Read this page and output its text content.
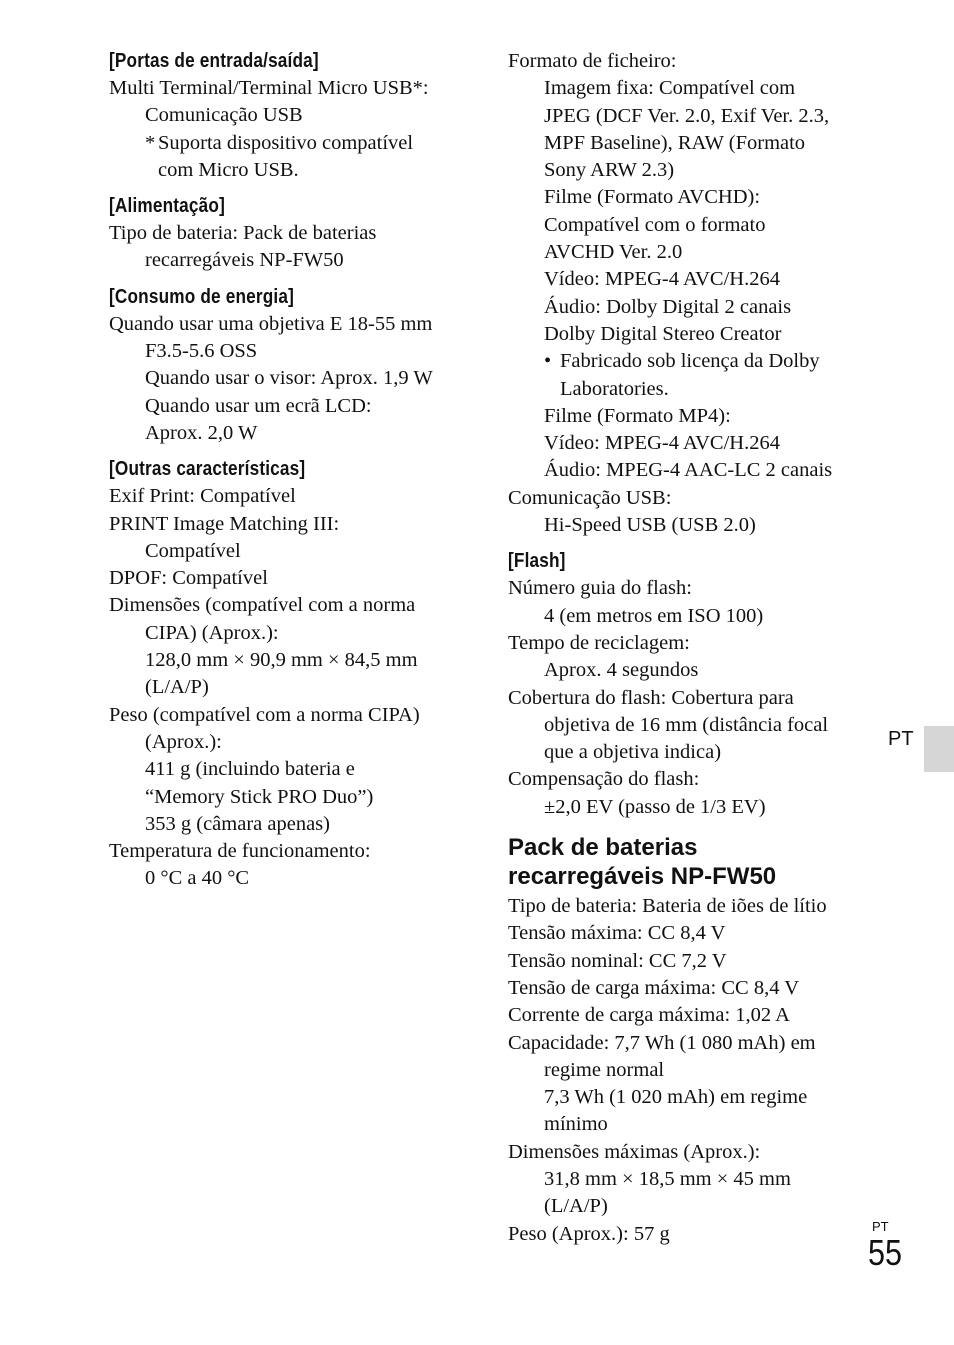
[Portas de entrada/saída]
Multi Terminal/Terminal Micro USB*:
Comunicação USB
* Suporta dispositivo compatível
com Micro USB.
[Alimentação]
Tipo de bateria: Pack de baterias
recarregáveis NP-FW50
[Consumo de energia]
Quando usar uma objetiva E 18-55 mm
F3.5-5.6 OSS
Quando usar o visor: Aprox. 1,9 W
Quando usar um ecrã LCD:
Aprox. 2,0 W
[Outras características]
Exif Print: Compatível
PRINT Image Matching III:
Compatível
DPOF: Compatível
Dimensões (compatível com a norma
CIPA) (Aprox.):
128,0 mm × 90,9 mm × 84,5 mm
(L/A/P)
Peso (compatível com a norma CIPA)
(Aprox.):
411 g (incluindo bateria e
“Memory Stick PRO Duo”)
353 g (câmara apenas)
Temperatura de funcionamento:
0 °C a 40 °C
Formato de ficheiro:
Imagem fixa: Compatível com
JPEG (DCF Ver. 2.0, Exif Ver. 2.3,
MPF Baseline), RAW (Formato
Sony ARW 2.3)
Filme (Formato AVCHD):
Compatível com o formato
AVCHD Ver. 2.0
Vídeo: MPEG-4 AVC/H.264
Áudio: Dolby Digital 2 canais
Dolby Digital Stereo Creator
• Fabricado sob licença da Dolby
Laboratories.
Filme (Formato MP4):
Vídeo: MPEG-4 AVC/H.264
Áudio: MPEG-4 AAC-LC 2 canais
Comunicação USB:
Hi-Speed USB (USB 2.0)
[Flash]
Número guia do flash:
4 (em metros em ISO 100)
Tempo de reciclagem:
Aprox. 4 segundos
Cobertura do flash: Cobertura para
objetiva de 16 mm (distância focal
que a objetiva indica)
Compensação do flash:
±2,0 EV (passo de 1/3 EV)
Pack de baterias
recarregáveis NP-FW50
Tipo de bateria: Bateria de iões de lítio
Tensão máxima: CC 8,4 V
Tensão nominal: CC 7,2 V
Tensão de carga máxima: CC 8,4 V
Corrente de carga máxima: 1,02 A
Capacidade: 7,7 Wh (1 080 mAh) em
regime normal
7,3 Wh (1 020 mAh) em regime
mínimo
Dimensões máximas (Aprox.):
31,8 mm × 18,5 mm × 45 mm
(L/A/P)
Peso (Aprox.): 57 g
PT
PT
55
